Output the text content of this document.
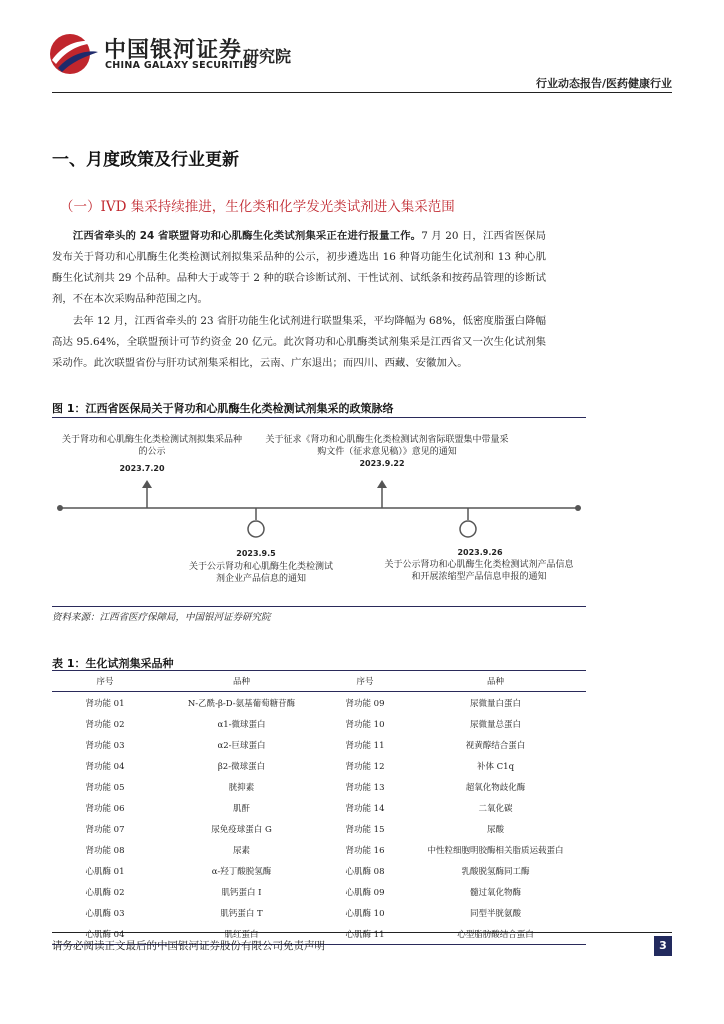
中国银河证券
CHINA GALAXY SECURITIES
研究院
行业动态报告/医药健康行业
一、月度政策及行业更新
（一）IVD 集采持续推进，生化类和化学发光类试剂进入集采范围
江西省牵头的 24 省联盟肾功和心肌酶生化类试剂集采正在进行报量工作。7 月 20 日，江西省医保局发布关于肾功和心肌酶生化类检测试剂拟集采品种的公示，初步遴选出 16 种肾功能生化试剂和 13 种心肌酶生化试剂共 29 个品种。品种大于或等于 2 种的联合诊断试剂、干性试剂、试纸条和按药品管理的诊断试剂，不在本次采购品种范围之内。
去年 12 月，江西省牵头的 23 省肝功能生化试剂进行联盟集采，平均降幅为 68%，低密度脂蛋白降幅高达 95.64%，全联盟预计可节约资金 20 亿元。此次肾功和心肌酶类试剂集采是江西省又一次生化试剂集采动作。此次联盟省份与肝功试剂集采相比，云南、广东退出；而四川、西藏、安徽加入。
图 1：江西省医保局关于肾功和心肌酶生化类检测试剂集采的政策脉络
关于肾功和心肌酶生化类检测试剂拟集采品种的公示
2023.7.20
关于征求《肾功和心肌酶生化类检测试剂省际联盟集中带量采购文件（征求意见稿）》意见的通知
2023.9.22
2023.9.5
关于公示肾功和心肌酶生化类检测试剂企业产品信息的通知
2023.9.26
关于公示肾功和心肌酶生化类检测试剂产品信息和开展浓缩型产品信息申报的通知
资料来源：江西省医疗保障局，中国银河证券研究院
表 1：生化试剂集采品种
序号	品种	序号	品种
肾功能 01	N-乙酰-β-D-氨基葡萄糖苷酶	肾功能 09	尿微量白蛋白
肾功能 02	α1-微球蛋白	肾功能 10	尿微量总蛋白
肾功能 03	α2-巨球蛋白	肾功能 11	视黄醇结合蛋白
肾功能 04	β2-微球蛋白	肾功能 12	补体 C1q
肾功能 05	胱抑素	肾功能 13	超氧化物歧化酶
肾功能 06	肌酐	肾功能 14	二氧化碳
肾功能 07	尿免疫球蛋白 G	肾功能 15	尿酸
肾功能 08	尿素	肾功能 16	中性粒细胞明胶酶相关脂质运载蛋白
心肌酶 01	α-羟丁酸脱氢酶	心肌酶 08	乳酸脱氢酶同工酶
心肌酶 02	肌钙蛋白 I	心肌酶 09	髓过氧化物酶
心肌酶 03	肌钙蛋白 T	心肌酶 10	同型半胱氨酸
心肌酶 04	肌红蛋白	心肌酶 11	心型脂肪酸结合蛋白
请务必阅读正文最后的中国银河证券股份有限公司免责声明	3
